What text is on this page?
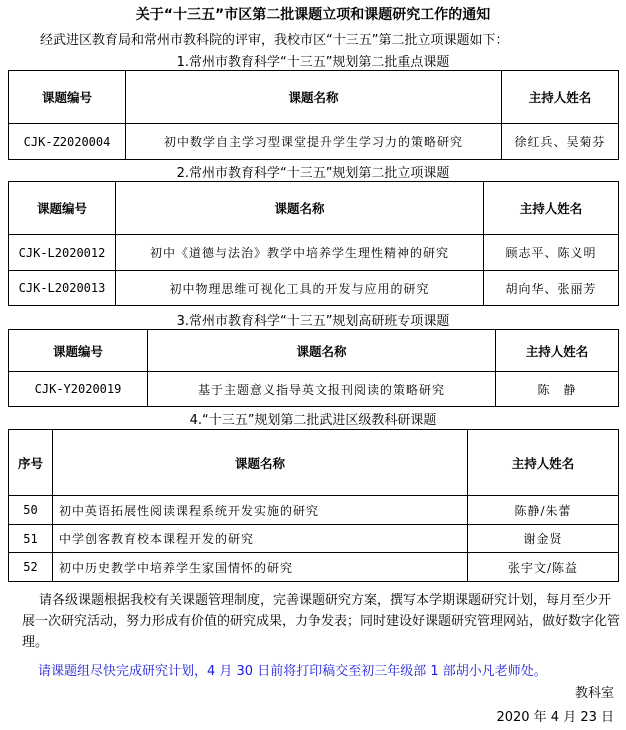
关于“十三五”市区第二批课题立项和课题研究工作的通知
经武进区教育局和常州市教科院的评审，我校市区“十三五”第二批立项课题如下：
1.常州市教育科学“十三五”规划第二批重点课题
课题编号	课题名称	主持人姓名
CJK-Z2020004	初中数学自主学习型课堂提升学生学习力的策略研究	徐红兵、吴菊芬
2.常州市教育科学“十三五”规划第二批立项课题
课题编号	课题名称	主持人姓名
CJK-L2020012	初中《道德与法治》教学中培养学生理性精神的研究	顾志平、陈义明
CJK-L2020013	初中物理思维可视化工具的开发与应用的研究	胡向华、张丽芳
3.常州市教育科学“十三五”规划高研班专项课题
课题编号	课题名称	主持人姓名
CJK-Y2020019	基于主题意义指导英文报刊阅读的策略研究	陈　静
4.“十三五”规划第二批武进区级教科研课题
序号	课题名称	主持人姓名
50	初中英语拓展性阅读课程系统开发实施的研究	陈静/朱蕾
51	中学创客教育校本课程开发的研究	谢金贤
52	初中历史教学中培养学生家国情怀的研究	张宇文/陈益
请各级课题根据我校有关课题管理制度，完善课题研究方案，撰写本学期课题研究计划，每月至少开展一次研究活动，努力形成有价值的研究成果，力争发表；同时建设好课题研究管理网站，做好数字化管理。
请课题组尽快完成研究计划，4 月 30 日前将打印稿交至初三年级部 1 部胡小凡老师处。
教科室
2020 年 4 月 23 日
